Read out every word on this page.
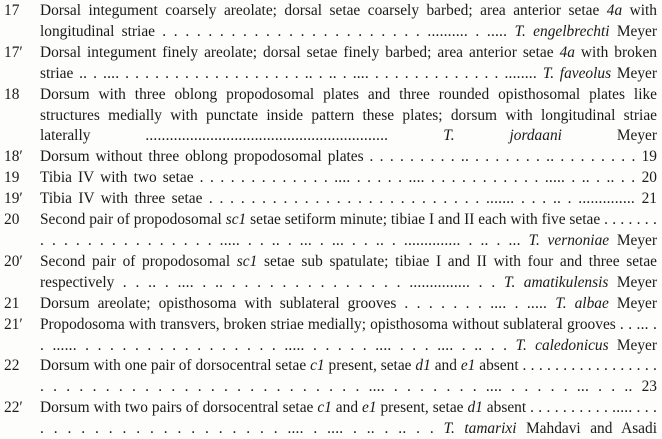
17	Dorsal integument coarsely areolate; dorsal setae coarsely barbed; area anterior setae 4a with longitudinal striae . . . . . . . . . . . . . . . . . . . . . . . .......... . ..... T. engelbrechti Meyer
17′	Dorsal integument finely areolate; dorsal setae finely barbed; area anterior setae 4a with broken striae .. . .... . . . . . . . . . . . . . . . . . . .. . .. . .... . . . . . . . . . . . . . ........ T. faveolus Meyer
18	Dorsum with three oblong propodosomal plates and three rounded opisthosomal plates like structures medially with punctate inside pattern these plates; dorsum with longitudinal striae laterally ............................................................ T. jordaani Meyer
18′	Dorsum without three oblong propodosomal plates . . . . . . . . . .. . . . . . . . .. . . . . . . . . 19
19	Tibia IV with two setae . . . . . . . . . . . . . .... . . . . . .... . . . . . . . . . . . ..... . .. . .. . . 20
19′	Tibia IV with three setae . . . . . . . . . . . . . . . . . . . . . . . . . . ....... . . . .. . .............. 21
20	Second pair of propodosomal sc1 setae setiform minute; tibiae I and II each with five setae . . . . . . . . . . . . . . . . . . . . . . ..... . . .. . ... . ... . . .. . .............. . .. . ... T. vernoniae Meyer
20′	Second pair of propodosomal sc1 setae sub spatulate; tibiae I and II with four and three setae respectively . . .. . .... . .. . . . . . . . . . . . . . . ............... . . T. amatikulensis Meyer
21	Dorsum areolate; opisthosoma with sublateral grooves . . . . . . . .... . ..... T. albae Meyer
21′	Propodosoma with transvers, broken striae medially; opisthosoma without sublateral grooves . . ... . . ...... . . . . . . . . . . . . . . . . ..... . . . . . .... . . . .... . .. . . T. caledonicus Meyer
22	Dorsum with one pair of dorsocentral setae c1 present, setae d1 and e1 absent . . . . . . . . . . . . . . . . . . . . . . . . . . . . . . . . . . . . . . . . . . .... . . . . . . . .... . . . . . ... . . .. 23
22′	Dorsum with two pairs of dorsocentral setae c1 and e1 present, setae d1 absent . . . . . . . . . . ..... . . . . . . . . . . . . . . . . . . . . . .... . .... . .. . .. . . T. tamarixi Mahdavi and Asadi
